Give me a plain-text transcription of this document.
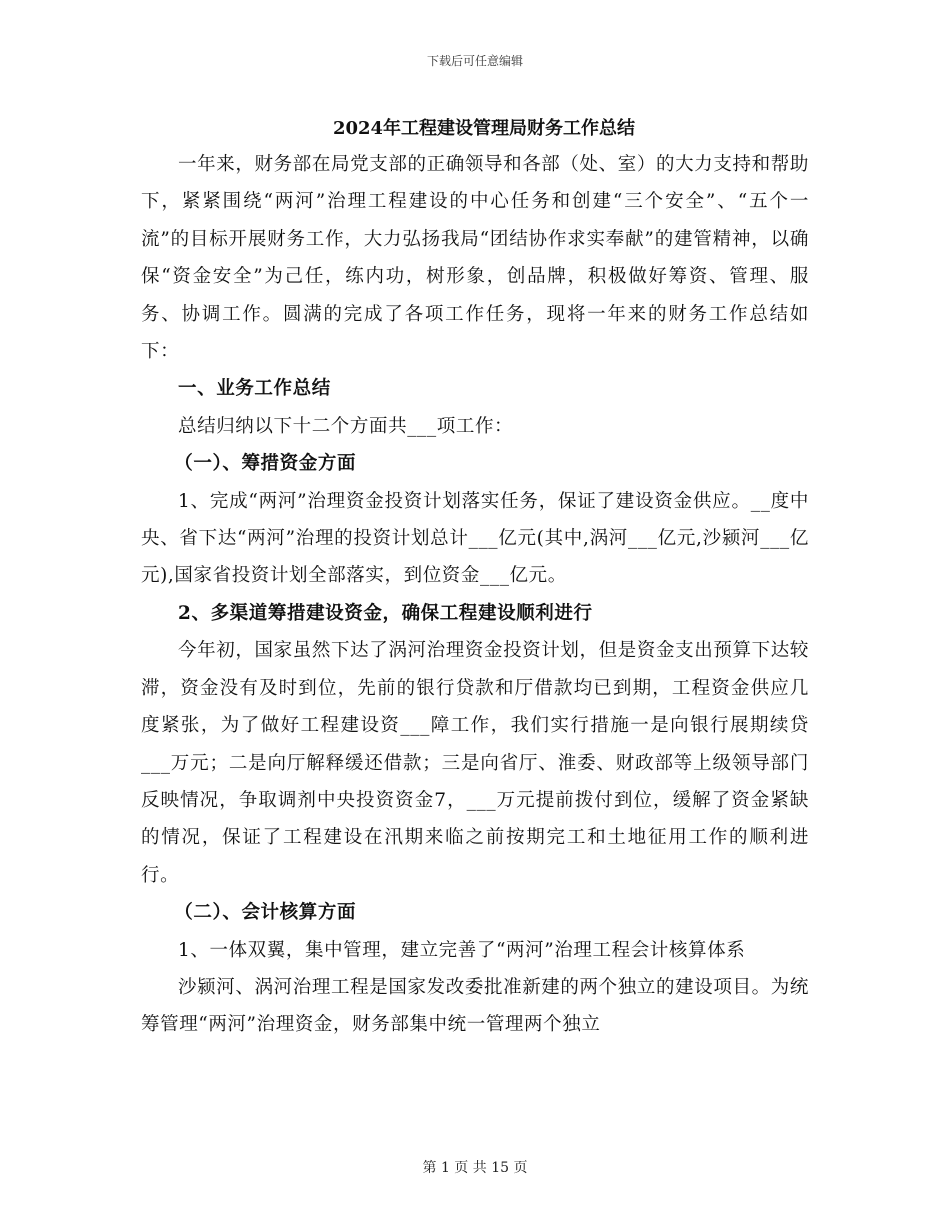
下载后可任意编辑
2024年工程建设管理局财务工作总结

一年来，财务部在局党支部的正确领导和各部（处、室）的大力支持和帮助下，紧紧围绕“两河”治理工程建设的中心任务和创建“三个安全”、“五个一流”的目标开展财务工作，大力弘扬我局“团结协作求实奉献”的建管精神，以确保“资金安全”为己任，练内功，树形象，创品牌，积极做好筹资、管理、服务、协调工作。圆满的完成了各项工作任务，现将一年来的财务工作总结如下：

一、业务工作总结

总结归纳以下十二个方面共___项工作：

（一）、筹措资金方面

1、完成“两河”治理资金投资计划落实任务，保证了建设资金供应。__度中央、省下达“两河”治理的投资计划总计___亿元(其中,涡河___亿元,沙颍河___亿元),国家省投资计划全部落实，到位资金___亿元。

2、多渠道筹措建设资金，确保工程建设顺利进行

今年初，国家虽然下达了涡河治理资金投资计划，但是资金支出预算下达较滞，资金没有及时到位，先前的银行贷款和厅借款均已到期，工程资金供应几度紧张，为了做好工程建设资___障工作，我们实行措施一是向银行展期续贷___万元；二是向厅解释缓还借款；三是向省厅、淮委、财政部等上级领导部门反映情况，争取调剂中央投资资金7，___万元提前拨付到位，缓解了资金紧缺的情况，保证了工程建设在汛期来临之前按期完工和土地征用工作的顺利进行。

（二）、会计核算方面

1、一体双翼，集中管理，建立完善了“两河”治理工程会计核算体系

沙颍河、涡河治理工程是国家发改委批准新建的两个独立的建设项目。为统筹管理“两河”治理资金，财务部集中统一管理两个独立

第 1 页 共 15 页
